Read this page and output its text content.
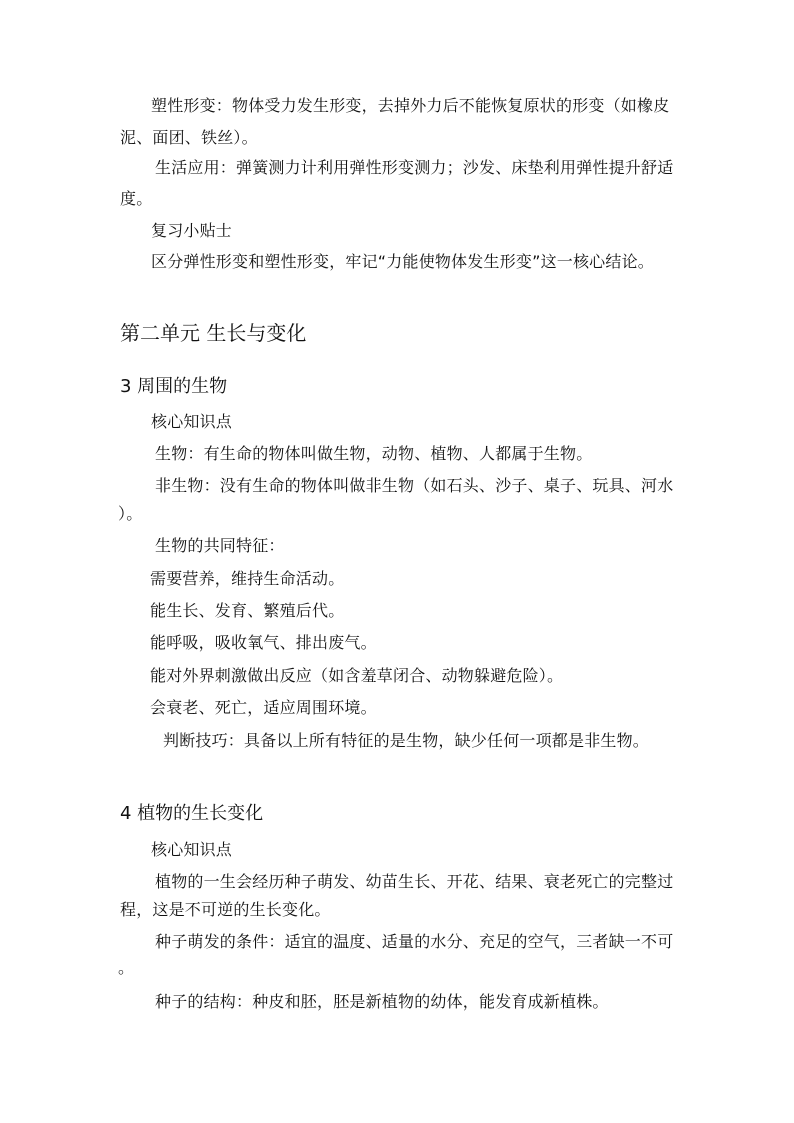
塑性形变：物体受力发生形变，去掉外力后不能恢复原状的形变（如橡皮
泥、面团、铁丝）。
生活应用：弹簧测力计利用弹性形变测力；沙发、床垫利用弹性提升舒适
度。
复习小贴士
区分弹性形变和塑性形变，牢记“力能使物体发生形变”这一核心结论。
第二单元 生长与变化
3 周围的生物
核心知识点
生物：有生命的物体叫做生物，动物、植物、人都属于生物。
非生物：没有生命的物体叫做非生物（如石头、沙子、桌子、玩具、河水
）。
生物的共同特征：
需要营养，维持生命活动。
能生长、发育、繁殖后代。
能呼吸，吸收氧气、排出废气。
能对外界刺激做出反应（如含羞草闭合、动物躲避危险）。
会衰老、死亡，适应周围环境。
判断技巧：具备以上所有特征的是生物，缺少任何一项都是非生物。
4 植物的生长变化
核心知识点
植物的一生会经历种子萌发、幼苗生长、开花、结果、衰老死亡的完整过
程，这是不可逆的生长变化。
种子萌发的条件：适宜的温度、适量的水分、充足的空气，三者缺一不可
。
种子的结构：种皮和胚，胚是新植物的幼体，能发育成新植株。
